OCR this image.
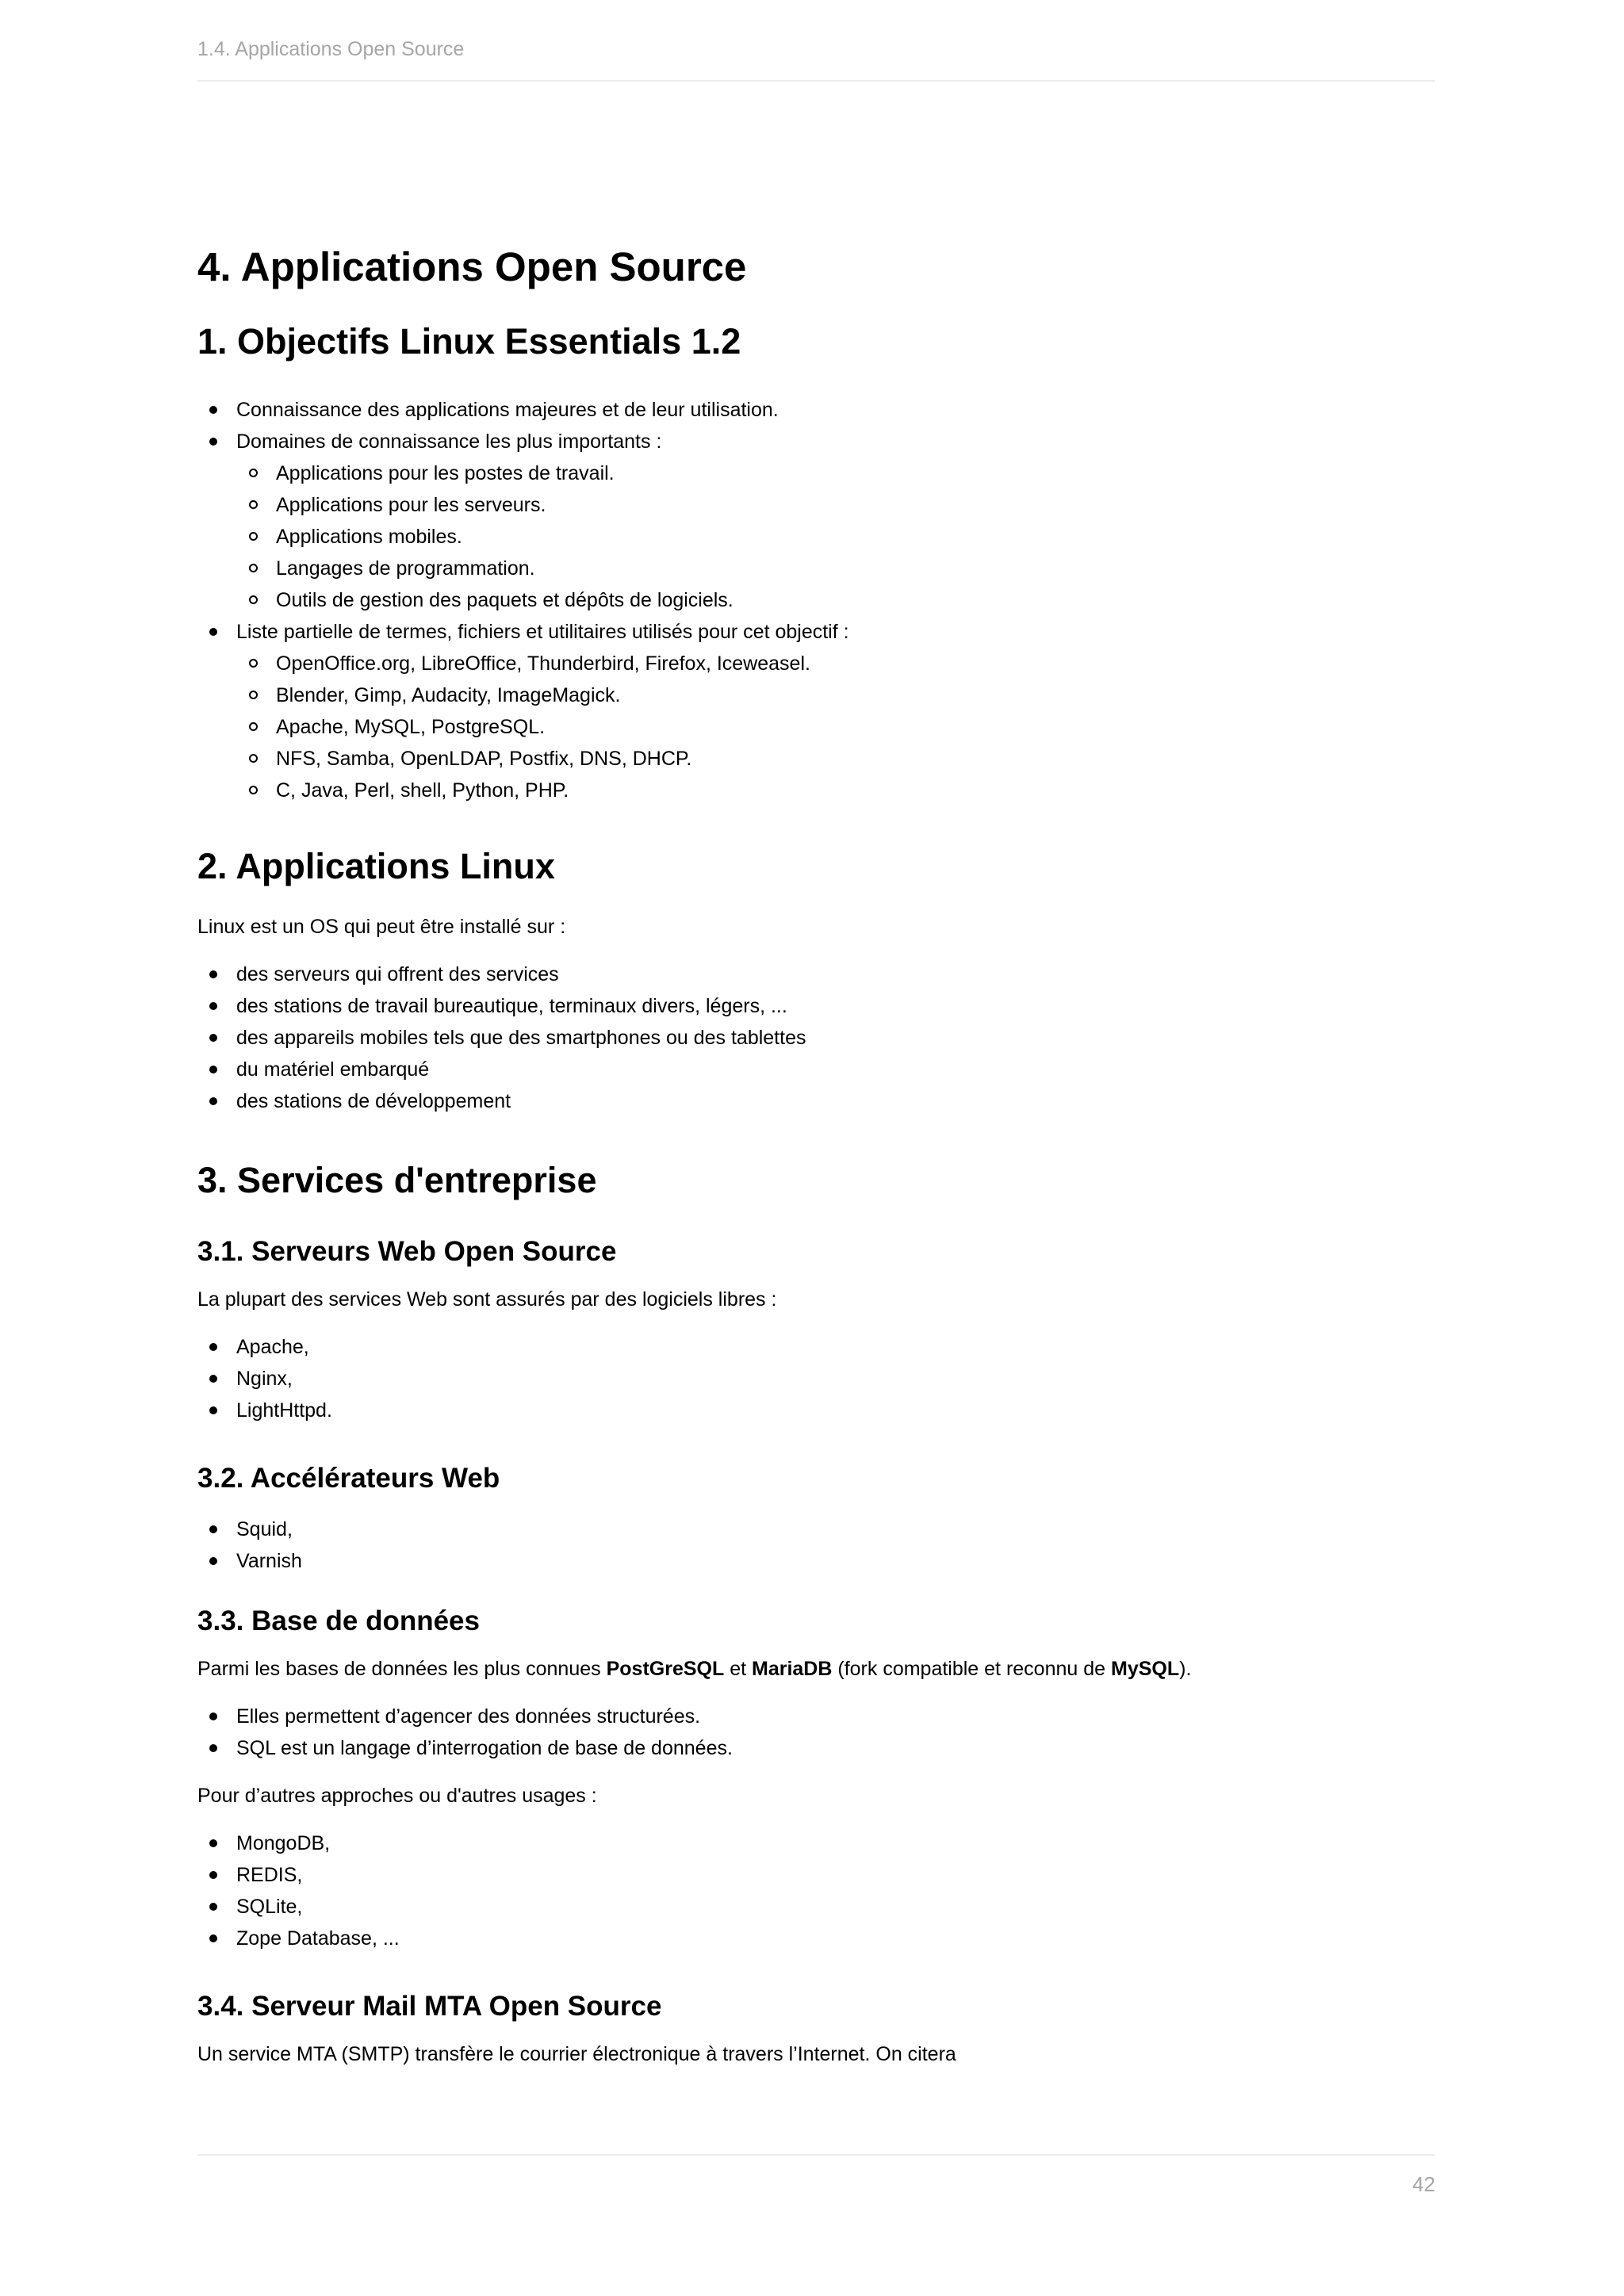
1.4. Applications Open Source
4. Applications Open Source
1. Objectifs Linux Essentials 1.2
Connaissance des applications majeures et de leur utilisation.
Domaines de connaissance les plus importants :
Applications pour les postes de travail.
Applications pour les serveurs.
Applications mobiles.
Langages de programmation.
Outils de gestion des paquets et dépôts de logiciels.
Liste partielle de termes, fichiers et utilitaires utilisés pour cet objectif :
OpenOffice.org, LibreOffice, Thunderbird, Firefox, Iceweasel.
Blender, Gimp, Audacity, ImageMagick.
Apache, MySQL, PostgreSQL.
NFS, Samba, OpenLDAP, Postfix, DNS, DHCP.
C, Java, Perl, shell, Python, PHP.
2. Applications Linux

Linux est un OS qui peut être installé sur :

des serveurs qui offrent des services
des stations de travail bureautique, terminaux divers, légers, ...
des appareils mobiles tels que des smartphones ou des tablettes
du matériel embarqué
des stations de développement
3. Services d'entreprise
3.1. Serveurs Web Open Source

La plupart des services Web sont assurés par des logiciels libres :

Apache,
Nginx,
LightHttpd.
3.2. Accélérateurs Web
Squid,
Varnish
3.3. Base de données

Parmi les bases de données les plus connues PostGreSQL et MariaDB (fork compatible et reconnu de MySQL).

Elles permettent d’agencer des données structurées.
SQL est un langage d’interrogation de base de données.

Pour d’autres approches ou d'autres usages :

MongoDB,
REDIS,
SQLite,
Zope Database, ...
3.4. Serveur Mail MTA Open Source

Un service MTA (SMTP) transfère le courrier électronique à travers l’Internet. On citera

42
